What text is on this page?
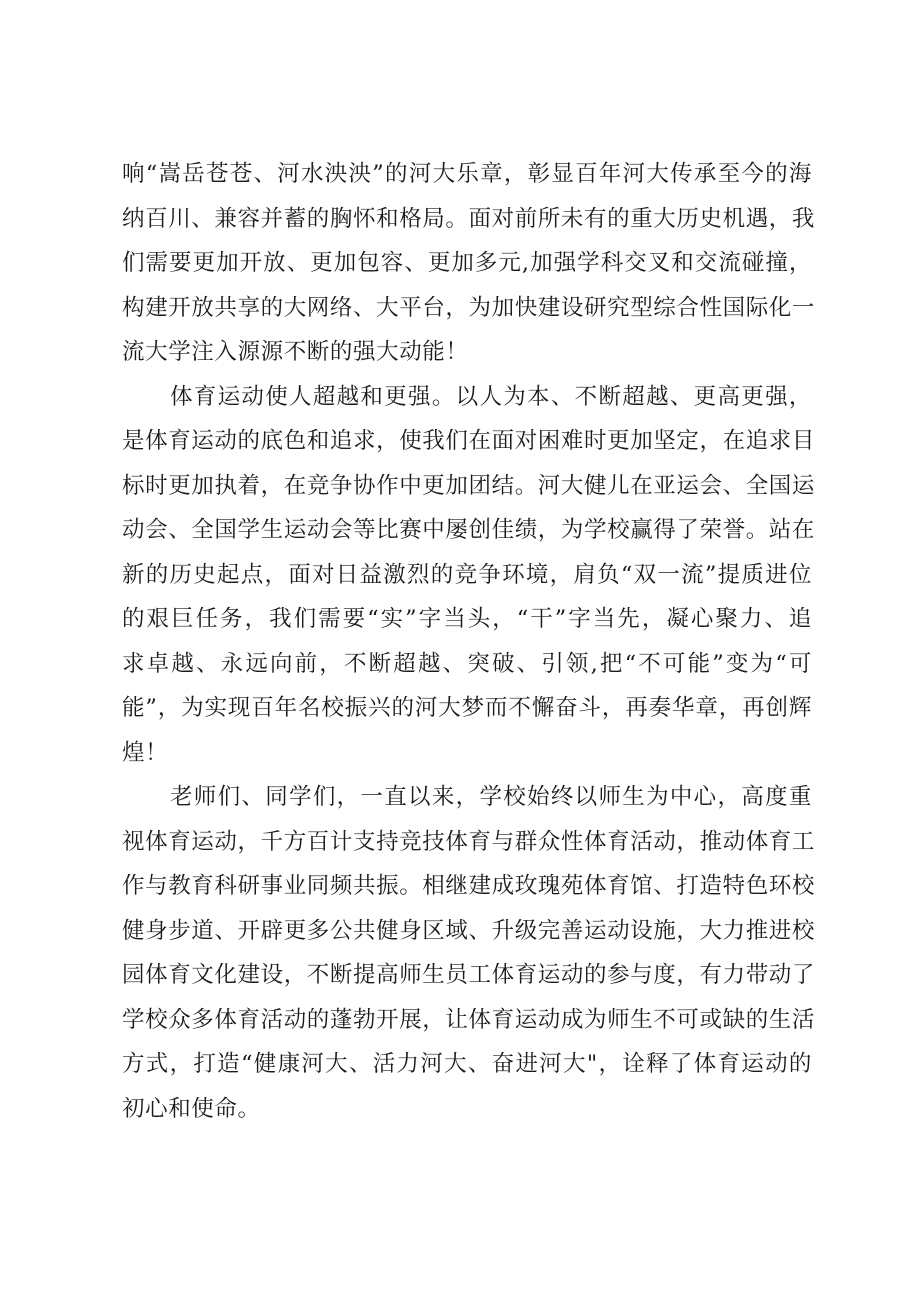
响“嵩岳苍苍、河水泱泱”的河大乐章，彰显百年河大传承至今的海
纳百川、兼容并蓄的胸怀和格局。面对前所未有的重大历史机遇，我
们需要更加开放、更加包容、更加多元,加强学科交叉和交流碰撞，
构建开放共享的大网络、大平台，为加快建设研究型综合性国际化一
流大学注入源源不断的强大动能！
体育运动使人超越和更强。以人为本、不断超越、更高更强，
是体育运动的底色和追求，使我们在面对困难时更加坚定，在追求目
标时更加执着，在竞争协作中更加团结。河大健儿在亚运会、全国运
动会、全国学生运动会等比赛中屡创佳绩，为学校赢得了荣誉。站在
新的历史起点，面对日益激烈的竞争环境，肩负“双一流”提质进位
的艰巨任务，我们需要“实”字当头，“干”字当先，凝心聚力、追
求卓越、永远向前，不断超越、突破、引领,把“不可能”变为“可
能”，为实现百年名校振兴的河大梦而不懈奋斗，再奏华章，再创辉
煌！
老师们、同学们，一直以来，学校始终以师生为中心，高度重
视体育运动，千方百计支持竞技体育与群众性体育活动，推动体育工
作与教育科研事业同频共振。相继建成玫瑰苑体育馆、打造特色环校
健身步道、开辟更多公共健身区域、升级完善运动设施，大力推进校
园体育文化建设，不断提高师生员工体育运动的参与度，有力带动了
学校众多体育活动的蓬勃开展，让体育运动成为师生不可或缺的生活
方式，打造“健康河大、活力河大、奋进河大"，诠释了体育运动的
初心和使命。
